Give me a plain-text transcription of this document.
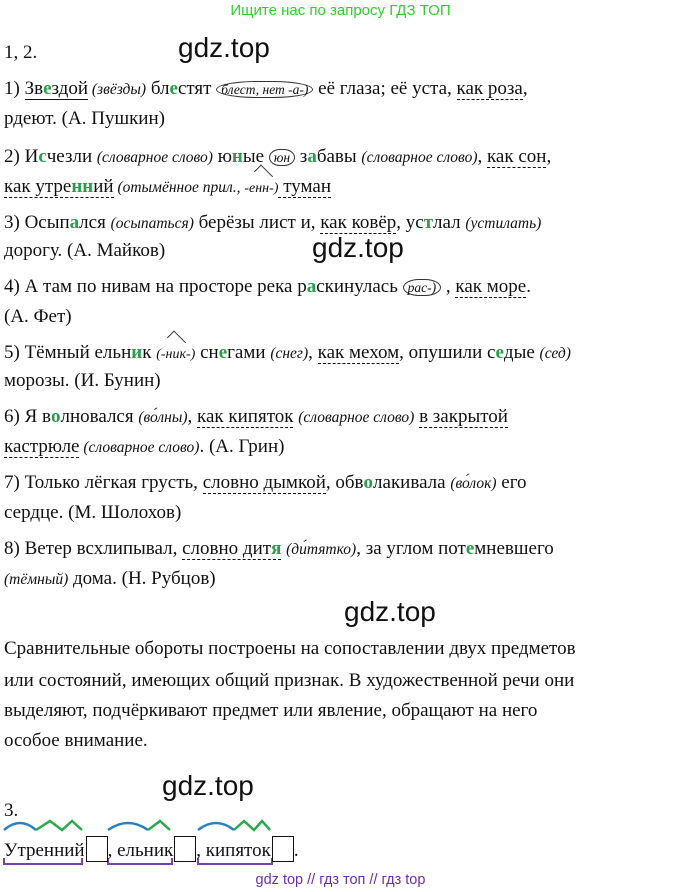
Ищите нас по запросу ГДЗ ТОП
gdz.top
gdz.top
gdz.top
gdz.top
1, 2.
1) Звездой (звёзды) блестят блест, нет -а-) её глаза; её уста, как роза,
рдеют. (А. Пушкин)
2) Исчезли (словарное слово) юные юн забавы (словарное слово), как сон,
как утренний (отымённое прил., -енн-) туман
3) Осыпался (осыпаться) берёзы лист и, как ковёр, устлал (устилать)
дорогу. (А. Майков)
4) А там по нивам на просторе река раскинулась рас-) , как море.
(А. Фет)
5) Тёмный ельник (-ник-) снегами (снег), как мехом, опушили седые (сед)
морозы. (И. Бунин)
6) Я волновался (во́лны), как кипяток (словарное слово) в закрытой
кастрюле (словарное слово). (А. Грин)
7) Только лёгкая грусть, словно дымкой, обволакивала (во́лок) его
сердце. (М. Шолохов)
8) Ветер всхлипывал, словно дитя (ди́тятко), за углом потемневшего
(тёмный) дома. (Н. Рубцов)
Сравнительные обороты построены на сопоставлении двух предметов
или состояний, имеющих общий признак. В художественной речи они
выделяют, подчёркивают предмет или явление, обращают на него
особое внимание.
3.
Утренний , ельник , кипяток .
gdz top // гдз топ // гдз top
